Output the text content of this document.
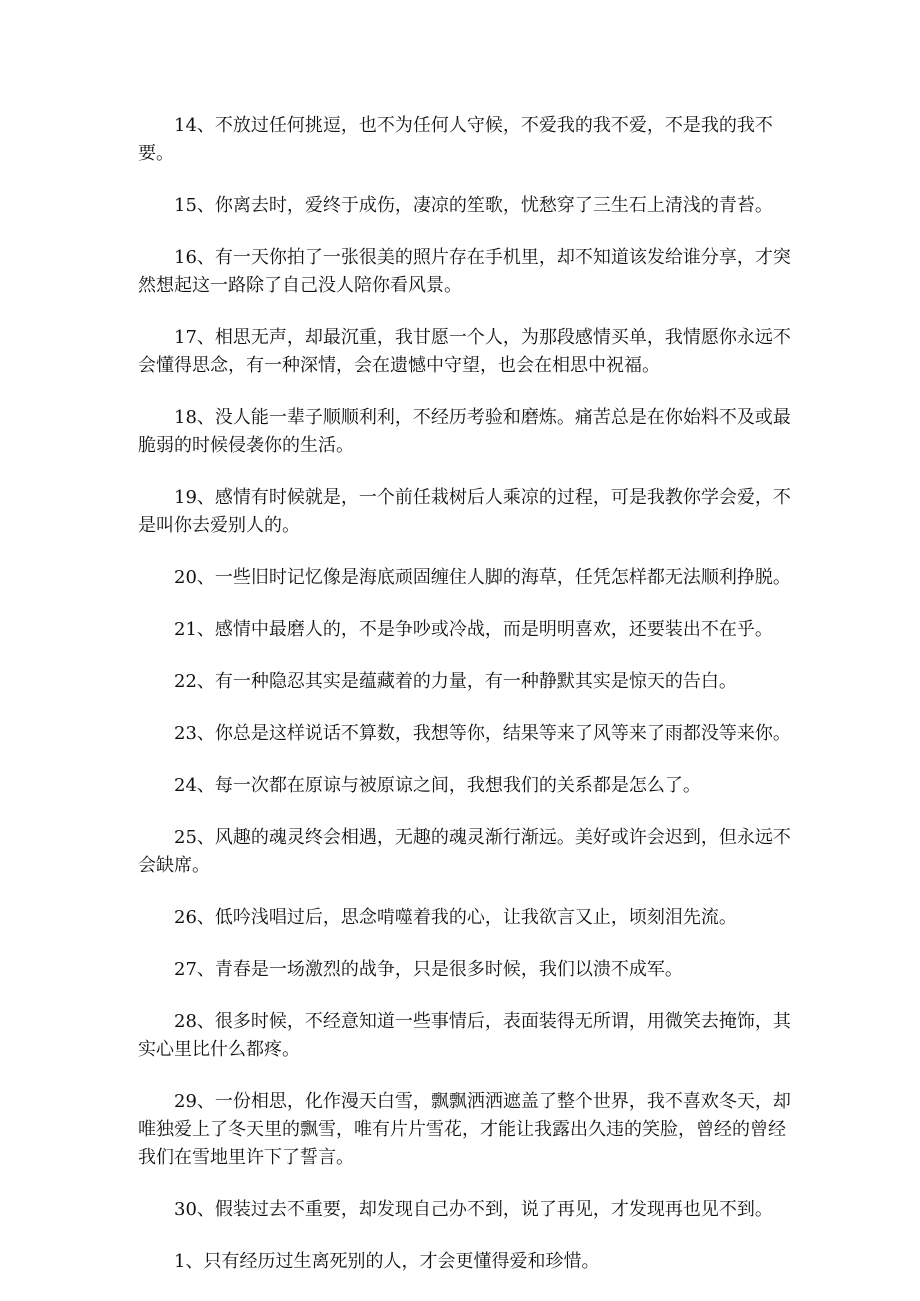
14、不放过任何挑逗，也不为任何人守候，不爱我的我不爱，不是我的我不要。

15、你离去时，爱终于成伤，凄凉的笙歌，忧愁穿了三生石上清浅的青苔。

16、有一天你拍了一张很美的照片存在手机里，却不知道该发给谁分享，才突然想起这一路除了自己没人陪你看风景。

17、相思无声，却最沉重，我甘愿一个人，为那段感情买单，我情愿你永远不会懂得思念，有一种深情，会在遗憾中守望，也会在相思中祝福。

18、没人能一辈子顺顺利利，不经历考验和磨炼。痛苦总是在你始料不及或最脆弱的时候侵袭你的生活。

19、感情有时候就是，一个前任栽树后人乘凉的过程，可是我教你学会爱，不是叫你去爱别人的。

20、一些旧时记忆像是海底顽固缠住人脚的海草，任凭怎样都无法顺利挣脱。

21、感情中最磨人的，不是争吵或冷战，而是明明喜欢，还要装出不在乎。

22、有一种隐忍其实是蕴藏着的力量，有一种静默其实是惊天的告白。

23、你总是这样说话不算数，我想等你，结果等来了风等来了雨都没等来你。

24、每一次都在原谅与被原谅之间，我想我们的关系都是怎么了。

25、风趣的魂灵终会相遇，无趣的魂灵渐行渐远。美好或许会迟到，但永远不会缺席。

26、低吟浅唱过后，思念啃噬着我的心，让我欲言又止，顷刻泪先流。

27、青春是一场激烈的战争，只是很多时候，我们以溃不成军。

28、很多时候，不经意知道一些事情后，表面装得无所谓，用微笑去掩饰，其实心里比什么都疼。

29、一份相思，化作漫天白雪，飘飘洒洒遮盖了整个世界，我不喜欢冬天，却唯独爱上了冬天里的飘雪，唯有片片雪花，才能让我露出久违的笑脸，曾经的曾经我们在雪地里许下了誓言。

30、假装过去不重要，却发现自己办不到，说了再见，才发现再也见不到。

1、只有经历过生离死别的人，才会更懂得爱和珍惜。
